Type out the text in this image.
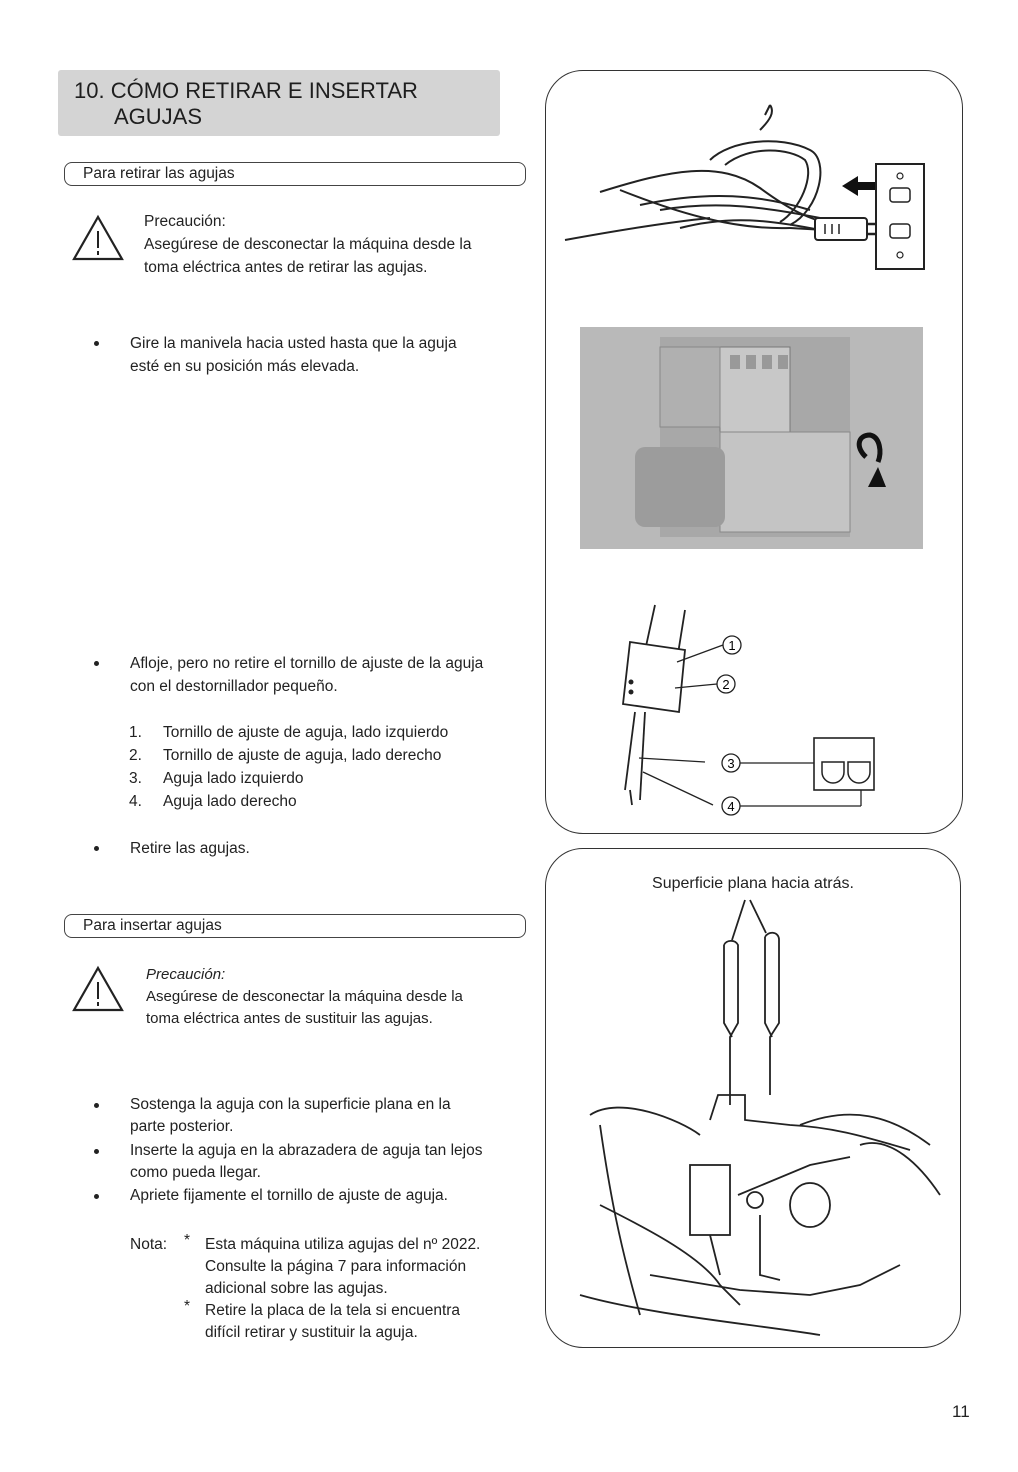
10. CÓMO RETIRAR E INSERTAR
AGUJAS
Para retirar las agujas
Precaución:
Asegúrese de desconectar la máquina desde la
toma eléctrica antes de retirar las agujas.
Gire la manivela hacia usted hasta que la aguja
esté en su posición más elevada.
Afloje, pero no retire el tornillo de ajuste de la aguja
con el destornillador pequeño.
1. Tornillo de ajuste de aguja, lado izquierdo
2. Tornillo de ajuste de aguja, lado derecho
3. Aguja lado izquierdo
4. Aguja lado derecho
Retire las agujas.
Para insertar agujas
Precaución:
Asegúrese de desconectar la máquina desde la
toma eléctrica antes de sustituir las agujas.
Sostenga la aguja con la superficie plana en la
parte posterior.
Inserte la aguja en la abrazadera de aguja tan lejos
como pueda llegar.
Apriete fijamente el tornillo de ajuste de aguja.
Nota:	* Esta máquina utiliza agujas del nº 2022.
Consulte la página 7 para información
adicional sobre las agujas.
* Retire la placa de la tela si encuentra
difícil retirar y sustituir la aguja.
1
2
3
4
Superficie plana hacia atrás.
11
